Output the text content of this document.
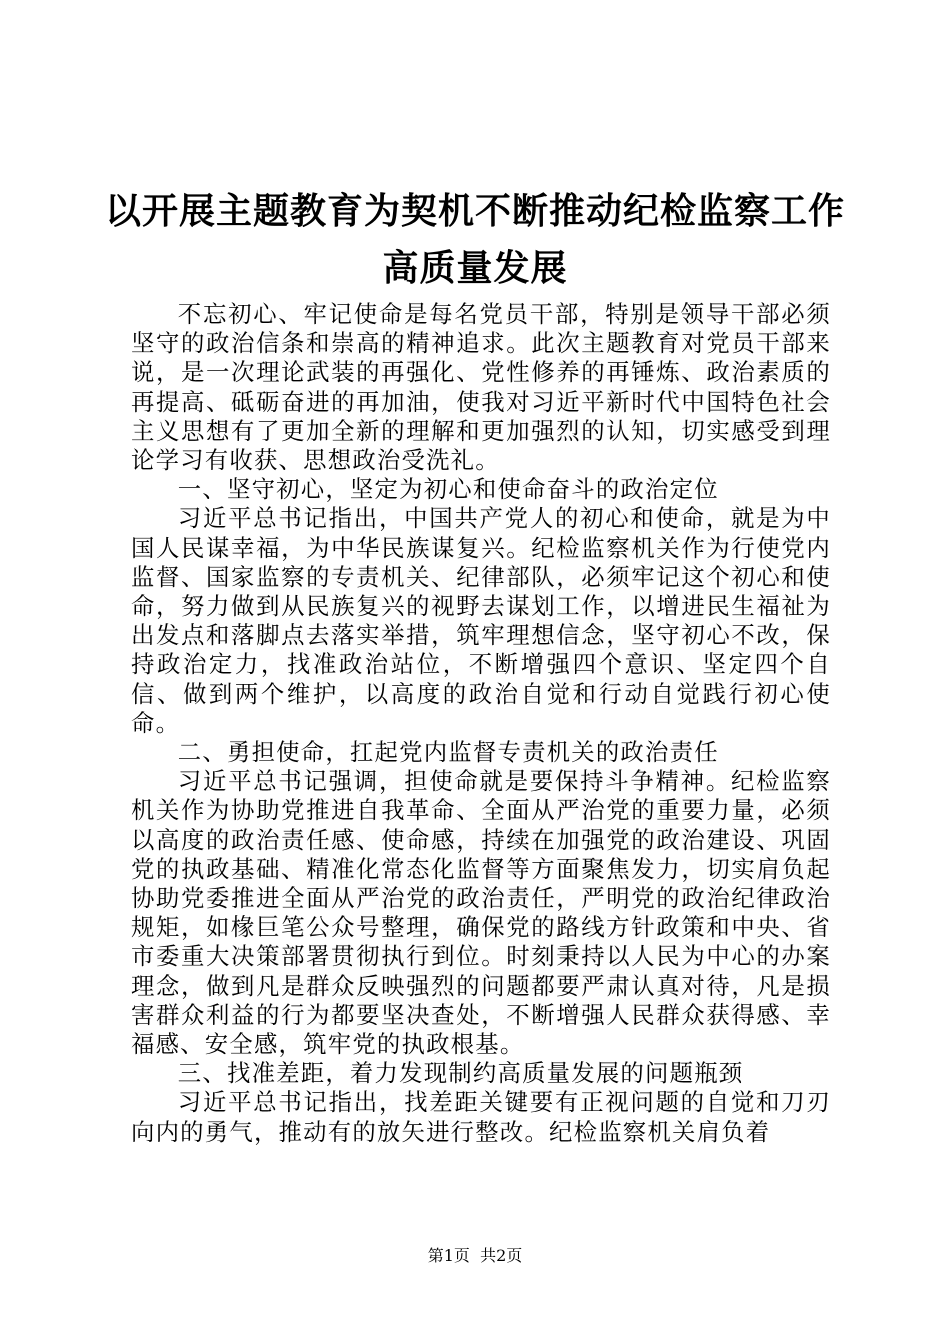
以开展主题教育为契机不断推动纪检监察工作
高质量发展

不忘初心、牢记使命是每名党员干部，特别是领导干部必须坚守的政治信条和崇高的精神追求。此次主题教育对党员干部来说，是一次理论武装的再强化、党性修养的再锤炼、政治素质的再提高、砥砺奋进的再加油，使我对习近平新时代中国特色社会主义思想有了更加全新的理解和更加强烈的认知，切实感受到理论学习有收获、思想政治受洗礼。

一、坚守初心，坚定为初心和使命奋斗的政治定位

习近平总书记指出，中国共产党人的初心和使命，就是为中国人民谋幸福，为中华民族谋复兴。纪检监察机关作为行使党内监督、国家监察的专责机关、纪律部队，必须牢记这个初心和使命，努力做到从民族复兴的视野去谋划工作，以增进民生福祉为出发点和落脚点去落实举措，筑牢理想信念，坚守初心不改，保持政治定力，找准政治站位，不断增强四个意识、坚定四个自信、做到两个维护，以高度的政治自觉和行动自觉践行初心使命。

二、勇担使命，扛起党内监督专责机关的政治责任

习近平总书记强调，担使命就是要保持斗争精神。纪检监察机关作为协助党推进自我革命、全面从严治党的重要力量，必须以高度的政治责任感、使命感，持续在加强党的政治建设、巩固党的执政基础、精准化常态化监督等方面聚焦发力，切实肩负起协助党委推进全面从严治党的政治责任，严明党的政治纪律政治规矩，如椽巨笔公众号整理，确保党的路线方针政策和中央、省市委重大决策部署贯彻执行到位。时刻秉持以人民为中心的办案理念，做到凡是群众反映强烈的问题都要严肃认真对待，凡是损害群众利益的行为都要坚决查处，不断增强人民群众获得感、幸福感、安全感，筑牢党的执政根基。

三、找准差距，着力发现制约高质量发展的问题瓶颈

习近平总书记指出，找差距关键要有正视问题的自觉和刀刃向内的勇气，推动有的放矢进行整改。纪检监察机关肩负着

第1页  共2页
